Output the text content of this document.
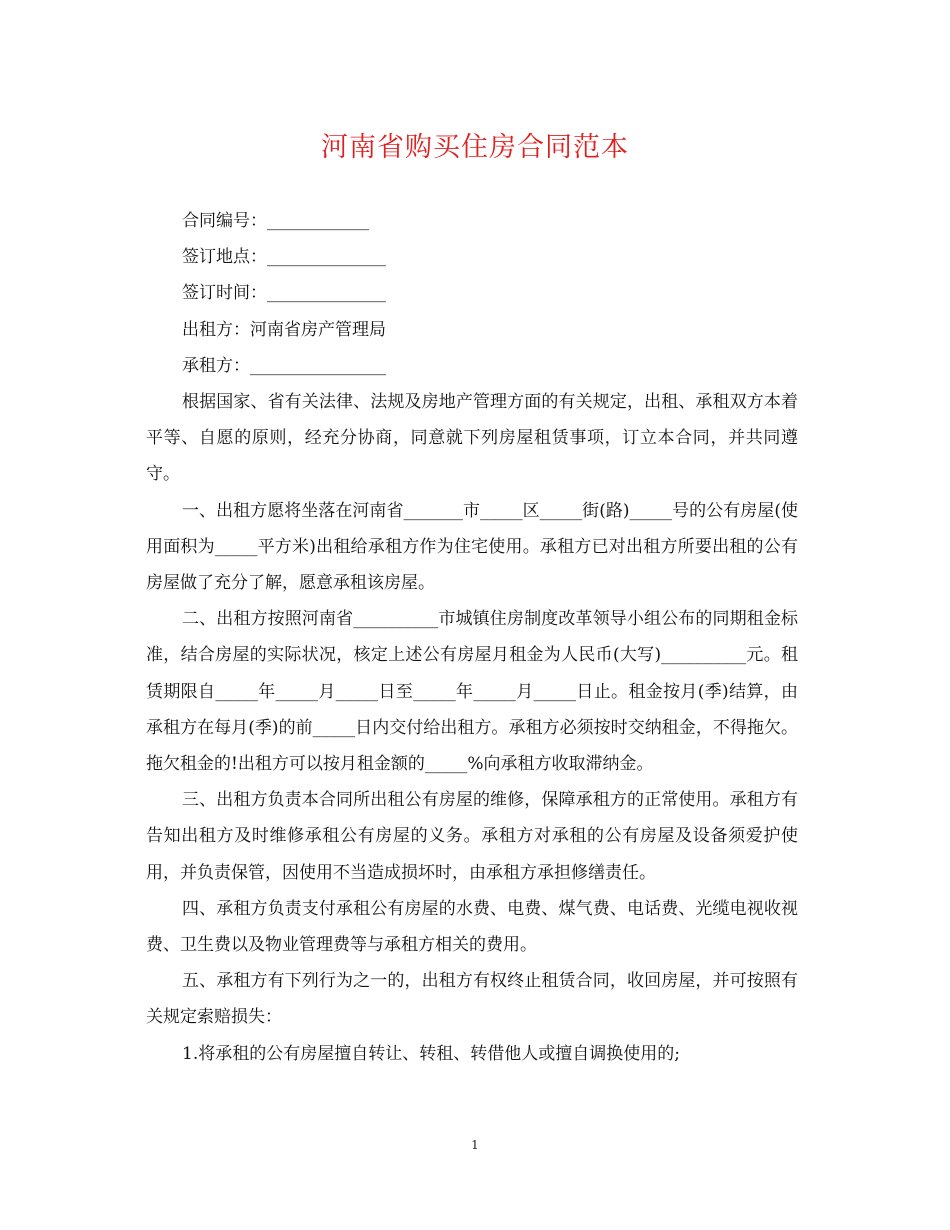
河南省购买住房合同范本

合同编号：____________

签订地点：______________

签订时间：______________

出租方：河南省房产管理局

承租方：________________

根据国家、省有关法律、法规及房地产管理方面的有关规定，出租、承租双方本着平等、自愿的原则，经充分协商，同意就下列房屋租赁事项，订立本合同，并共同遵守。

一、出租方愿将坐落在河南省_______市_____区_____街(路)_____号的公有房屋(使用面积为_____平方米)出租给承租方作为住宅使用。承租方已对出租方所要出租的公有房屋做了充分了解，愿意承租该房屋。

二、出租方按照河南省__________市城镇住房制度改革领导小组公布的同期租金标准，结合房屋的实际状况，核定上述公有房屋月租金为人民币(大写)__________元。租赁期限自_____年_____月_____日至_____年_____月_____日止。租金按月(季)结算，由承租方在每月(季)的前_____日内交付给出租方。承租方必须按时交纳租金，不得拖欠。拖欠租金的!出租方可以按月租金额的_____%向承租方收取滞纳金。

三、出租方负责本合同所出租公有房屋的维修，保障承租方的正常使用。承租方有告知出租方及时维修承租公有房屋的义务。承租方对承租的公有房屋及设备须爱护使用，并负责保管，因使用不当造成损坏时，由承租方承担修缮责任。

四、承租方负责支付承租公有房屋的水费、电费、煤气费、电话费、光缆电视收视费、卫生费以及物业管理费等与承租方相关的费用。

五、承租方有下列行为之一的，出租方有权终止租赁合同，收回房屋，并可按照有关规定索赔损失：

1.将承租的公有房屋擅自转让、转租、转借他人或擅自调换使用的;

1
